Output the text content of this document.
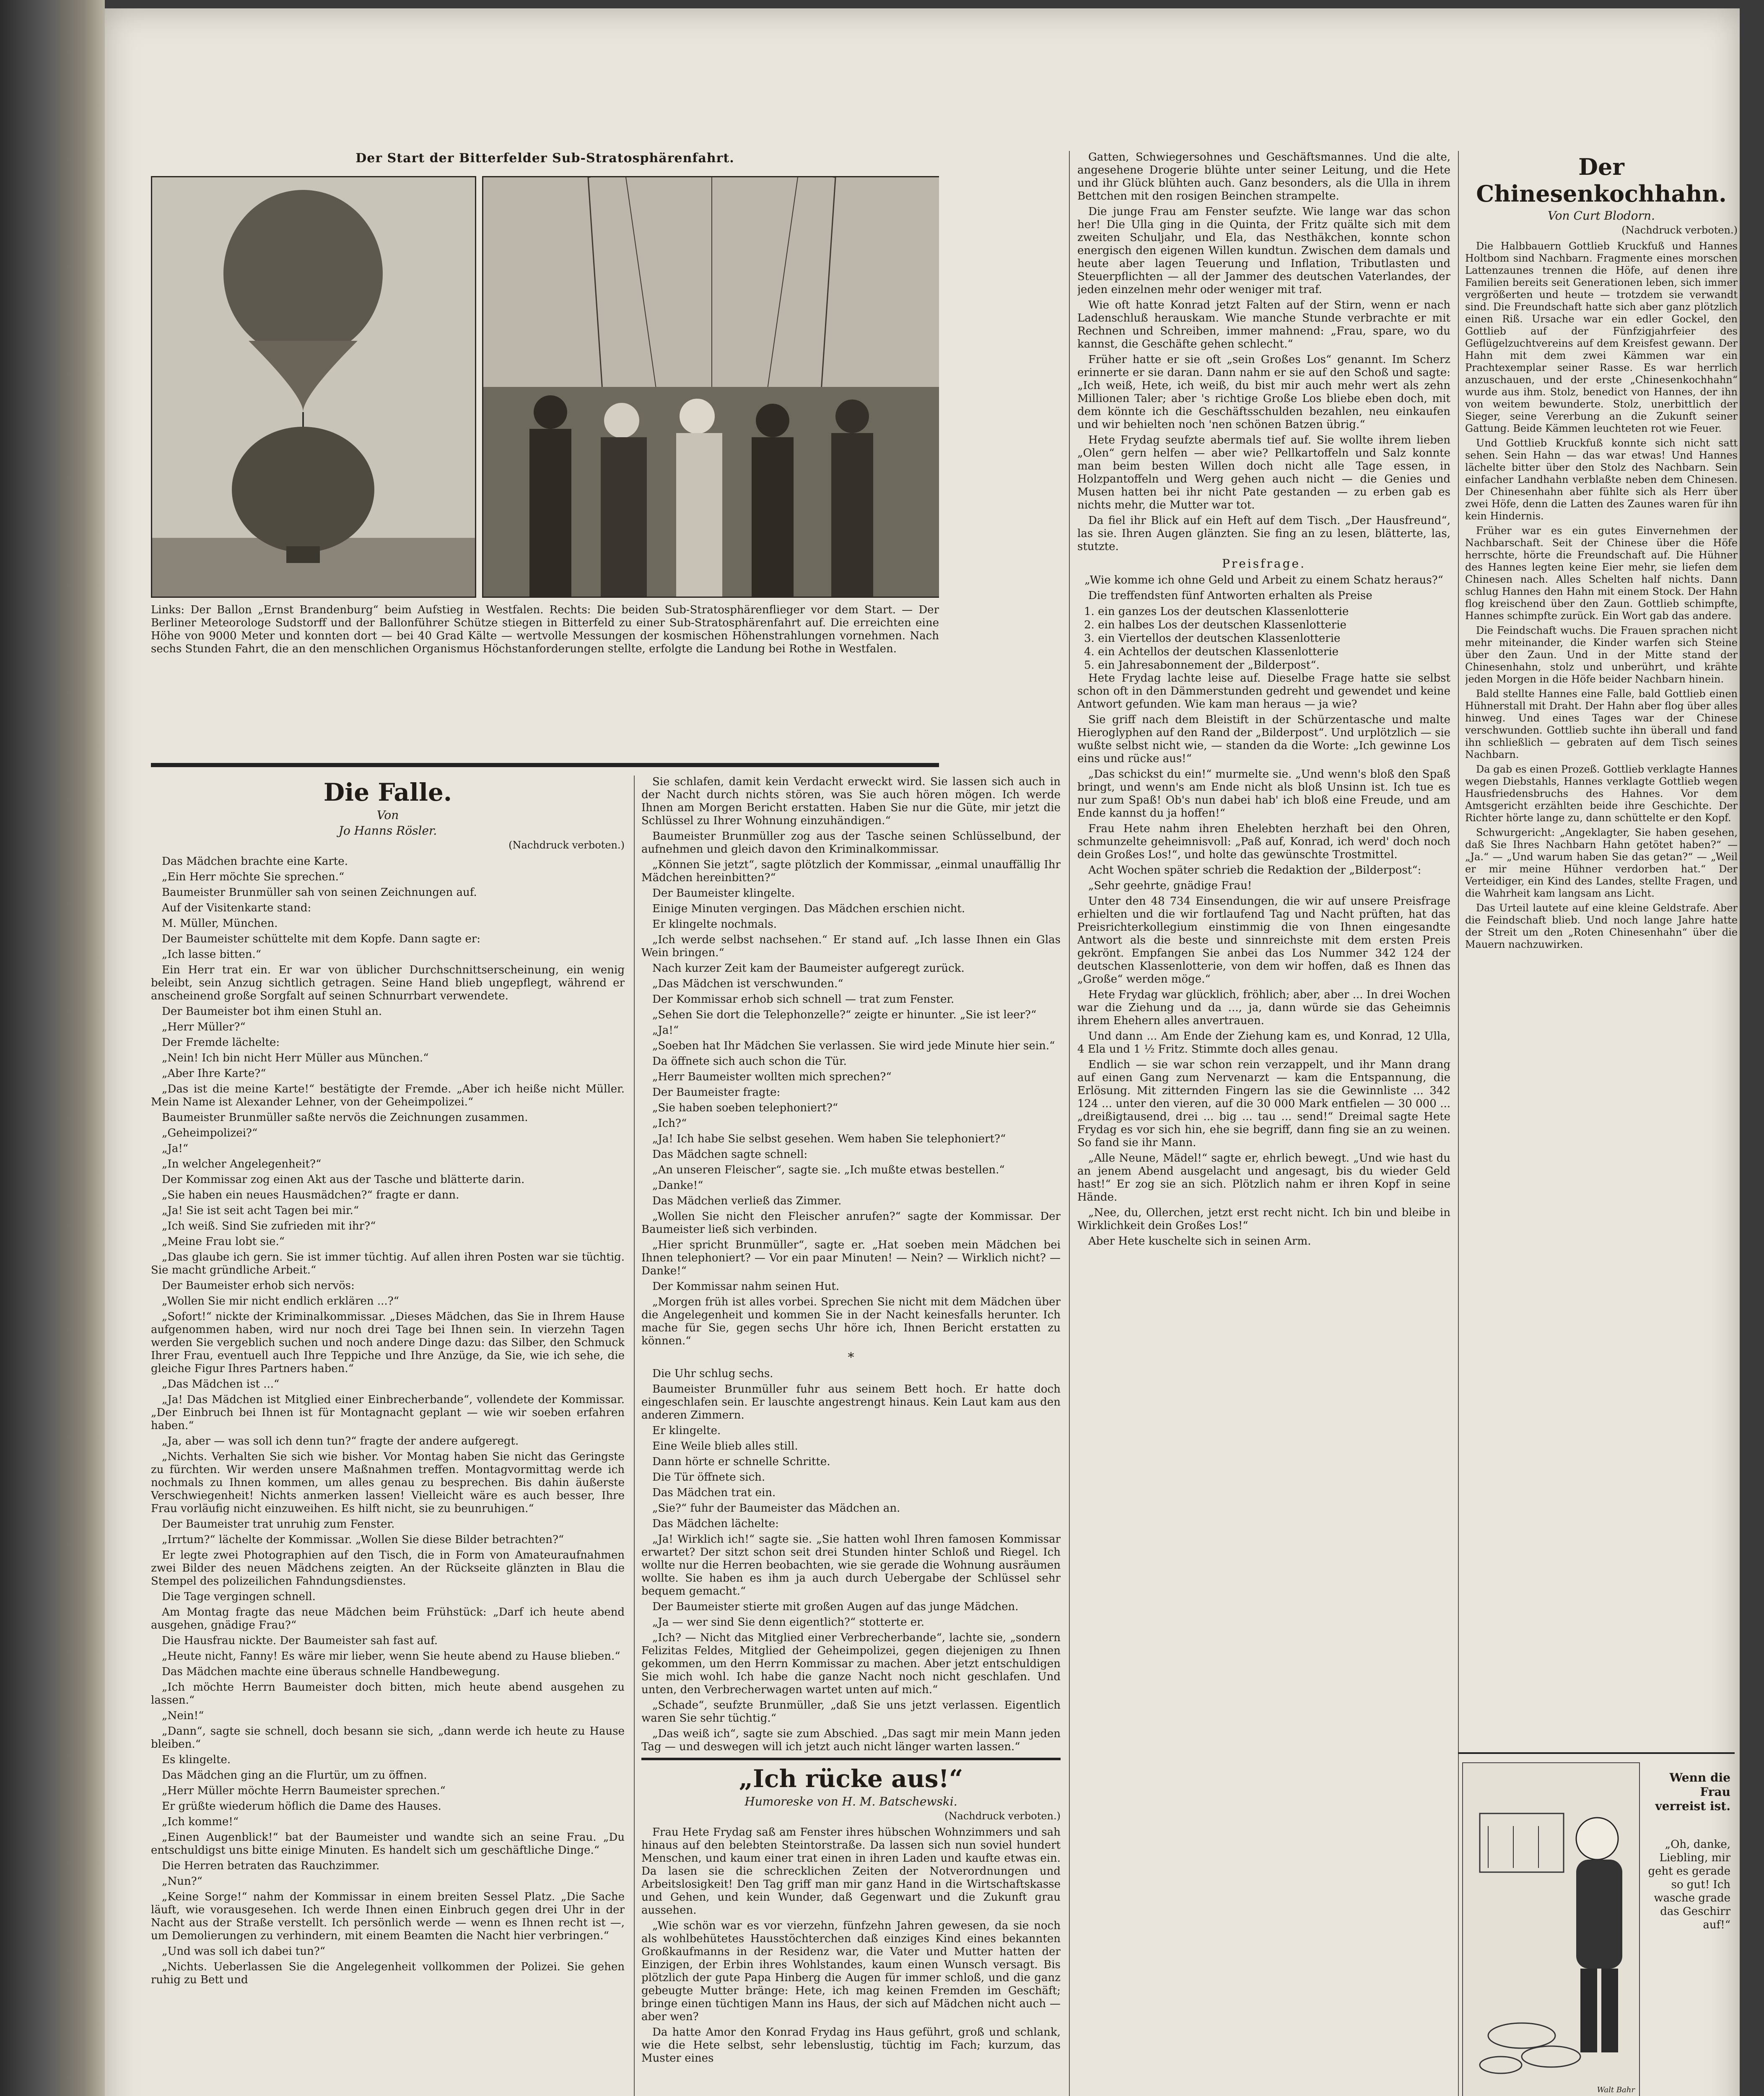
Der Start der Bitterfelder Sub-Stratosphärenfahrt.
Links: Der Ballon „Ernst Brandenburg“ beim Aufstieg in Westfalen. Rechts: Die beiden Sub-Stratosphärenflieger vor dem Start. — Der Berliner Meteorologe Sudstorff und der Ballonführer Schütze stiegen in Bitterfeld zu einer Sub-Stratosphärenfahrt auf. Die erreichten eine Höhe von 9000 Meter und konnten dort — bei 40 Grad Kälte — wertvolle Messungen der kosmischen Höhenstrahlungen vornehmen. Nach sechs Stunden Fahrt, die an den menschlichen Organismus Höchstanforderungen stellte, erfolgte die Landung bei Rothe in Westfalen.
Die Falle.
Von
Jo Hanns Rösler.
(Nachdruck verboten.)

Das Mädchen brachte eine Karte.

„Ein Herr möchte Sie sprechen.“

Baumeister Brunmüller sah von seinen Zeichnungen auf.

Auf der Visitenkarte stand:

M. Müller, München.

Der Baumeister schüttelte mit dem Kopfe. Dann sagte er:

„Ich lasse bitten.“

Ein Herr trat ein. Er war von üblicher Durchschnittserscheinung, ein wenig beleibt, sein Anzug sichtlich getragen. Seine Hand blieb ungepflegt, während er anscheinend große Sorgfalt auf seinen Schnurrbart verwendete.

Der Baumeister bot ihm einen Stuhl an.

„Herr Müller?“

Der Fremde lächelte:

„Nein! Ich bin nicht Herr Müller aus München.“

„Aber Ihre Karte?“

„Das ist die meine Karte!“ bestätigte der Fremde. „Aber ich heiße nicht Müller. Mein Name ist Alexander Lehner, von der Geheimpolizei.“

Baumeister Brunmüller saßte nervös die Zeichnungen zusammen.

„Geheimpolizei?“

„Ja!“

„In welcher Angelegenheit?“

Der Kommissar zog einen Akt aus der Tasche und blätterte darin.

„Sie haben ein neues Hausmädchen?“ fragte er dann.

„Ja! Sie ist seit acht Tagen bei mir.“

„Ich weiß. Sind Sie zufrieden mit ihr?“

„Meine Frau lobt sie.“

„Das glaube ich gern. Sie ist immer tüchtig. Auf allen ihren Posten war sie tüchtig. Sie macht gründliche Arbeit.“

Der Baumeister erhob sich nervös:

„Wollen Sie mir nicht endlich erklären ...?“

„Sofort!“ nickte der Kriminalkommissar. „Dieses Mädchen, das Sie in Ihrem Hause aufgenommen haben, wird nur noch drei Tage bei Ihnen sein. In vierzehn Tagen werden Sie vergeblich suchen und noch andere Dinge dazu: das Silber, den Schmuck Ihrer Frau, eventuell auch Ihre Teppiche und Ihre Anzüge, da Sie, wie ich sehe, die gleiche Figur Ihres Partners haben.“

„Das Mädchen ist ...“

„Ja! Das Mädchen ist Mitglied einer Einbrecherbande“, vollendete der Kommissar. „Der Einbruch bei Ihnen ist für Montagnacht geplant — wie wir soeben erfahren haben.“

„Ja, aber — was soll ich denn tun?“ fragte der andere aufgeregt.

„Nichts. Verhalten Sie sich wie bisher. Vor Montag haben Sie nicht das Geringste zu fürchten. Wir werden unsere Maßnahmen treffen. Montagvormittag werde ich nochmals zu Ihnen kommen, um alles genau zu besprechen. Bis dahin äußerste Verschwiegenheit! Nichts anmerken lassen! Vielleicht wäre es auch besser, Ihre Frau vorläufig nicht einzuweihen. Es hilft nicht, sie zu beunruhigen.“

Der Baumeister trat unruhig zum Fenster.

„Irrtum?“ lächelte der Kommissar. „Wollen Sie diese Bilder betrachten?“

Er legte zwei Photographien auf den Tisch, die in Form von Amateuraufnahmen zwei Bilder des neuen Mädchens zeigten. An der Rückseite glänzten in Blau die Stempel des polizeilichen Fahndungsdienstes.

Die Tage vergingen schnell.

Am Montag fragte das neue Mädchen beim Frühstück: „Darf ich heute abend ausgehen, gnädige Frau?“

Die Hausfrau nickte. Der Baumeister sah fast auf.

„Heute nicht, Fanny! Es wäre mir lieber, wenn Sie heute abend zu Hause blieben.“

Das Mädchen machte eine überaus schnelle Handbewegung.

„Ich möchte Herrn Baumeister doch bitten, mich heute abend ausgehen zu lassen.“

„Nein!“

„Dann“, sagte sie schnell, doch besann sie sich, „dann werde ich heute zu Hause bleiben.“

Es klingelte.

Das Mädchen ging an die Flurtür, um zu öffnen.

„Herr Müller möchte Herrn Baumeister sprechen.“

Er grüßte wiederum höflich die Dame des Hauses.

„Ich komme!“

„Einen Augenblick!“ bat der Baumeister und wandte sich an seine Frau. „Du entschuldigst uns bitte einige Minuten. Es handelt sich um geschäftliche Dinge.“

Die Herren betraten das Rauchzimmer.

„Nun?“

„Keine Sorge!“ nahm der Kommissar in einem breiten Sessel Platz. „Die Sache läuft, wie vorausgesehen. Ich werde Ihnen einen Einbruch gegen drei Uhr in der Nacht aus der Straße verstellt. Ich persönlich werde — wenn es Ihnen recht ist —, um Demolierungen zu verhindern, mit einem Beamten die Nacht hier verbringen.“

„Und was soll ich dabei tun?“

„Nichts. Ueberlassen Sie die Angelegenheit vollkommen der Polizei. Sie gehen ruhig zu Bett und

Sie schlafen, damit kein Verdacht erweckt wird. Sie lassen sich auch in der Nacht durch nichts stören, was Sie auch hören mögen. Ich werde Ihnen am Morgen Bericht erstatten. Haben Sie nur die Güte, mir jetzt die Schlüssel zu Ihrer Wohnung einzuhändigen.“

Baumeister Brunmüller zog aus der Tasche seinen Schlüsselbund, der aufnehmen und gleich davon den Kriminalkommissar.

„Können Sie jetzt“, sagte plötzlich der Kommissar, „einmal unauffällig Ihr Mädchen hereinbitten?“

Der Baumeister klingelte.

Einige Minuten vergingen. Das Mädchen erschien nicht.

Er klingelte nochmals.

„Ich werde selbst nachsehen.“ Er stand auf. „Ich lasse Ihnen ein Glas Wein bringen.“

Nach kurzer Zeit kam der Baumeister aufgeregt zurück.

„Das Mädchen ist verschwunden.“

Der Kommissar erhob sich schnell — trat zum Fenster.

„Sehen Sie dort die Telephonzelle?“ zeigte er hinunter. „Sie ist leer?“

„Ja!“

„Soeben hat Ihr Mädchen Sie verlassen. Sie wird jede Minute hier sein.“

Da öffnete sich auch schon die Tür.

„Herr Baumeister wollten mich sprechen?“

Der Baumeister fragte:

„Sie haben soeben telephoniert?“

„Ich?“

„Ja! Ich habe Sie selbst gesehen. Wem haben Sie telephoniert?“

Das Mädchen sagte schnell:

„An unseren Fleischer“, sagte sie. „Ich mußte etwas bestellen.“

„Danke!“

Das Mädchen verließ das Zimmer.

„Wollen Sie nicht den Fleischer anrufen?“ sagte der Kommissar. Der Baumeister ließ sich verbinden.

„Hier spricht Brunmüller“, sagte er. „Hat soeben mein Mädchen bei Ihnen telephoniert? — Vor ein paar Minuten! — Nein? — Wirklich nicht? — Danke!“

Der Kommissar nahm seinen Hut.

„Morgen früh ist alles vorbei. Sprechen Sie nicht mit dem Mädchen über die Angelegenheit und kommen Sie in der Nacht keinesfalls herunter. Ich mache für Sie, gegen sechs Uhr höre ich, Ihnen Bericht erstatten zu können.“

*

Die Uhr schlug sechs.

Baumeister Brunmüller fuhr aus seinem Bett hoch. Er hatte doch eingeschlafen sein. Er lauschte angestrengt hinaus. Kein Laut kam aus den anderen Zimmern.

Er klingelte.

Eine Weile blieb alles still.

Dann hörte er schnelle Schritte.

Die Tür öffnete sich.

Das Mädchen trat ein.

„Sie?“ fuhr der Baumeister das Mädchen an.

Das Mädchen lächelte:

„Ja! Wirklich ich!“ sagte sie. „Sie hatten wohl Ihren famosen Kommissar erwartet? Der sitzt schon seit drei Stunden hinter Schloß und Riegel. Ich wollte nur die Herren beobachten, wie sie gerade die Wohnung ausräumen wollte. Sie haben es ihm ja auch durch Uebergabe der Schlüssel sehr bequem gemacht.“

Der Baumeister stierte mit großen Augen auf das junge Mädchen.

„Ja — wer sind Sie denn eigentlich?“ stotterte er.

„Ich? — Nicht das Mitglied einer Verbrecherbande“, lachte sie, „sondern Felizitas Feldes, Mitglied der Geheimpolizei, gegen diejenigen zu Ihnen gekommen, um den Herrn Kommissar zu machen. Aber jetzt entschuldigen Sie mich wohl. Ich habe die ganze Nacht noch nicht geschlafen. Und unten, den Verbrecherwagen wartet unten auf mich.“

„Schade“, seufzte Brunmüller, „daß Sie uns jetzt verlassen. Eigentlich waren Sie sehr tüchtig.“

„Das weiß ich“, sagte sie zum Abschied. „Das sagt mir mein Mann jeden Tag — und deswegen will ich jetzt auch nicht länger warten lassen.“

„Ich rücke aus!“
Humoreske von H. M. Batschewski.
(Nachdruck verboten.)

Frau Hete Frydag saß am Fenster ihres hübschen Wohnzimmers und sah hinaus auf den belebten Steintorstraße. Da lassen sich nun soviel hundert Menschen, und kaum einer trat einen in ihren Laden und kaufte etwas ein. Da lasen sie die schrecklichen Zeiten der Notverordnungen und Arbeitslosigkeit! Den Tag griff man mir ganz Hand in die Wirtschaftskasse und Gehen, und kein Wunder, daß Gegenwart und die Zukunft grau aussehen.

„Wie schön war es vor vierzehn, fünfzehn Jahren gewesen, da sie noch als wohlbehütetes Hausstöchterchen daß einziges Kind eines bekannten Großkaufmanns in der Residenz war, die Vater und Mutter hatten der Einzigen, der Erbin ihres Wohlstandes, kaum einen Wunsch versagt. Bis plötzlich der gute Papa Hinberg die Augen für immer schloß, und die ganz gebeugte Mutter bränge: Hete, ich mag keinen Fremden im Geschäft; bringe einen tüchtigen Mann ins Haus, der sich auf Mädchen nicht auch — aber wen?

Da hatte Amor den Konrad Frydag ins Haus geführt, groß und schlank, wie die Hete selbst, sehr lebenslustig, tüchtig im Fach; kurzum, das Muster eines

Gatten, Schwiegersohnes und Geschäftsmannes. Und die alte, angesehene Drogerie blühte unter seiner Leitung, und die Hete und ihr Glück blühten auch. Ganz besonders, als die Ulla in ihrem Bettchen mit den rosigen Beinchen strampelte.

Die junge Frau am Fenster seufzte. Wie lange war das schon her! Die Ulla ging in die Quinta, der Fritz quälte sich mit dem zweiten Schuljahr, und Ela, das Nesthäkchen, konnte schon energisch den eigenen Willen kundtun. Zwischen dem damals und heute aber lagen Teuerung und Inflation, Tributlasten und Steuerpflichten — all der Jammer des deutschen Vaterlandes, der jeden einzelnen mehr oder weniger mit traf.

Wie oft hatte Konrad jetzt Falten auf der Stirn, wenn er nach Ladenschluß herauskam. Wie manche Stunde verbrachte er mit Rechnen und Schreiben, immer mahnend: „Frau, spare, wo du kannst, die Geschäfte gehen schlecht.“

Früher hatte er sie oft „sein Großes Los“ genannt. Im Scherz erinnerte er sie daran. Dann nahm er sie auf den Schoß und sagte: „Ich weiß, Hete, ich weiß, du bist mir auch mehr wert als zehn Millionen Taler; aber 's richtige Große Los bliebe eben doch, mit dem könnte ich die Geschäftsschulden bezahlen, neu einkaufen und wir behielten noch 'nen schönen Batzen übrig.“

Hete Frydag seufzte abermals tief auf. Sie wollte ihrem lieben „Olen“ gern helfen — aber wie? Pellkartoffeln und Salz konnte man beim besten Willen doch nicht alle Tage essen, in Holzpantoffeln und Werg gehen auch nicht — die Genies und Musen hatten bei ihr nicht Pate gestanden — zu erben gab es nichts mehr, die Mutter war tot.

Da fiel ihr Blick auf ein Heft auf dem Tisch. „Der Hausfreund“, las sie. Ihren Augen glänzten. Sie fing an zu lesen, blätterte, las, stutzte.

Preisfrage.

„Wie komme ich ohne Geld und Arbeit zu einem Schatz heraus?“

Die treffendsten fünf Antworten erhalten als Preise

1. ein ganzes Los der deutschen Klassenlotterie

2. ein halbes Los der deutschen Klassenlotterie

3. ein Viertellos der deutschen Klassenlotterie

4. ein Achtellos der deutschen Klassenlotterie

5. ein Jahresabonnement der „Bilderpost“.

Hete Frydag lachte leise auf. Dieselbe Frage hatte sie selbst schon oft in den Dämmerstunden gedreht und gewendet und keine Antwort gefunden. Wie kam man heraus — ja wie?

Sie griff nach dem Bleistift in der Schürzentasche und malte Hieroglyphen auf den Rand der „Bilderpost“. Und urplötzlich — sie wußte selbst nicht wie, — standen da die Worte: „Ich gewinne Los eins und rücke aus!“

„Das schickst du ein!“ murmelte sie. „Und wenn's bloß den Spaß bringt, und wenn's am Ende nicht als bloß Unsinn ist. Ich tue es nur zum Spaß! Ob's nun dabei hab' ich bloß eine Freude, und am Ende kannst du ja hoffen!“

Frau Hete nahm ihren Ehelebten herzhaft bei den Ohren, schmunzelte geheimnisvoll: „Paß auf, Konrad, ich werd' doch noch dein Großes Los!“, und holte das gewünschte Trostmittel.

Acht Wochen später schrieb die Redaktion der „Bilderpost“:

„Sehr geehrte, gnädige Frau!

Unter den 48 734 Einsendungen, die wir auf unsere Preisfrage erhielten und die wir fortlaufend Tag und Nacht prüften, hat das Preisrichterkollegium einstimmig die von Ihnen eingesandte Antwort als die beste und sinnreichste mit dem ersten Preis gekrönt. Empfangen Sie anbei das Los Nummer 342 124 der deutschen Klassenlotterie, von dem wir hoffen, daß es Ihnen das „Große“ werden möge.“

Hete Frydag war glücklich, fröhlich; aber, aber ... In drei Wochen war die Ziehung und da ..., ja, dann würde sie das Geheimnis ihrem Ehehern alles anvertrauen.

Und dann ... Am Ende der Ziehung kam es, und Konrad, 12 Ulla, 4 Ela und 1 ½ Fritz. Stimmte doch alles genau.

Endlich — sie war schon rein verzappelt, und ihr Mann drang auf einen Gang zum Nervenarzt — kam die Entspannung, die Erlösung. Mit zitternden Fingern las sie die Gewinnliste ... 342 124 ... unter den vieren, auf die 30 000 Mark entfielen — 30 000 ... „dreißigtausend, drei ... big ... tau ... send!“ Dreimal sagte Hete Frydag es vor sich hin, ehe sie begriff, dann fing sie an zu weinen. So fand sie ihr Mann.

„Alle Neune, Mädel!“ sagte er, ehrlich bewegt. „Und wie hast du an jenem Abend ausgelacht und angesagt, bis du wieder Geld hast!“ Er zog sie an sich. Plötzlich nahm er ihren Kopf in seine Hände.

„Nee, du, Ollerchen, jetzt erst recht nicht. Ich bin und bleibe in Wirklichkeit dein Großes Los!“

Aber Hete kuschelte sich in seinen Arm.

Der Chinesenkochhahn.
Von Curt Blodorn.
(Nachdruck verboten.)

Die Halbbauern Gottlieb Kruckfuß und Hannes Holtbom sind Nachbarn. Fragmente eines morschen Lattenzaunes trennen die Höfe, auf denen ihre Familien bereits seit Generationen leben, sich immer vergrößerten und heute — trotzdem sie verwandt sind. Die Freundschaft hatte sich aber ganz plötzlich einen Riß. Ursache war ein edler Gockel, den Gottlieb auf der Fünfzigjahrfeier des Geflügelzuchtvereins auf dem Kreisfest gewann. Der Hahn mit dem zwei Kämmen war ein Prachtexemplar seiner Rasse. Es war herrlich anzuschauen, und der erste „Chinesenkochhahn“ wurde aus ihm. Stolz, benedict von Hannes, der ihn von weitem bewunderte. Stolz, unerbittlich der Sieger, seine Vererbung an die Zukunft seiner Gattung. Beide Kämmen leuchteten rot wie Feuer.

Und Gottlieb Kruckfuß konnte sich nicht satt sehen. Sein Hahn — das war etwas! Und Hannes lächelte bitter über den Stolz des Nachbarn. Sein einfacher Landhahn verblaßte neben dem Chinesen. Der Chinesenhahn aber fühlte sich als Herr über zwei Höfe, denn die Latten des Zaunes waren für ihn kein Hindernis.

Früher war es ein gutes Einvernehmen der Nachbarschaft. Seit der Chinese über die Höfe herrschte, hörte die Freundschaft auf. Die Hühner des Hannes legten keine Eier mehr, sie liefen dem Chinesen nach. Alles Schelten half nichts. Dann schlug Hannes den Hahn mit einem Stock. Der Hahn flog kreischend über den Zaun. Gottlieb schimpfte, Hannes schimpfte zurück. Ein Wort gab das andere.

Die Feindschaft wuchs. Die Frauen sprachen nicht mehr miteinander, die Kinder warfen sich Steine über den Zaun. Und in der Mitte stand der Chinesenhahn, stolz und unberührt, und krähte jeden Morgen in die Höfe beider Nachbarn hinein.

Bald stellte Hannes eine Falle, bald Gottlieb einen Hühnerstall mit Draht. Der Hahn aber flog über alles hinweg. Und eines Tages war der Chinese verschwunden. Gottlieb suchte ihn überall und fand ihn schließlich — gebraten auf dem Tisch seines Nachbarn.

Da gab es einen Prozeß. Gottlieb verklagte Hannes wegen Diebstahls, Hannes verklagte Gottlieb wegen Hausfriedensbruchs des Hahnes. Vor dem Amtsgericht erzählten beide ihre Geschichte. Der Richter hörte lange zu, dann schüttelte er den Kopf.

Schwurgericht: „Angeklagter, Sie haben gesehen, daß Sie Ihres Nachbarn Hahn getötet haben?“ — „Ja.“ — „Und warum haben Sie das getan?“ — „Weil er mir meine Hühner verdorben hat.“ Der Verteidiger, ein Kind des Landes, stellte Fragen, und die Wahrheit kam langsam ans Licht.

Das Urteil lautete auf eine kleine Geldstrafe. Aber die Feindschaft blieb. Und noch lange Jahre hatte der Streit um den „Roten Chinesenhahn“ über die Mauern nachzuwirken.

Walt Bahr
Wenn die Frau verreist ist.
„Oh, danke, Liebling, mir geht es gerade so gut! Ich wasche grade das Geschirr auf!“
